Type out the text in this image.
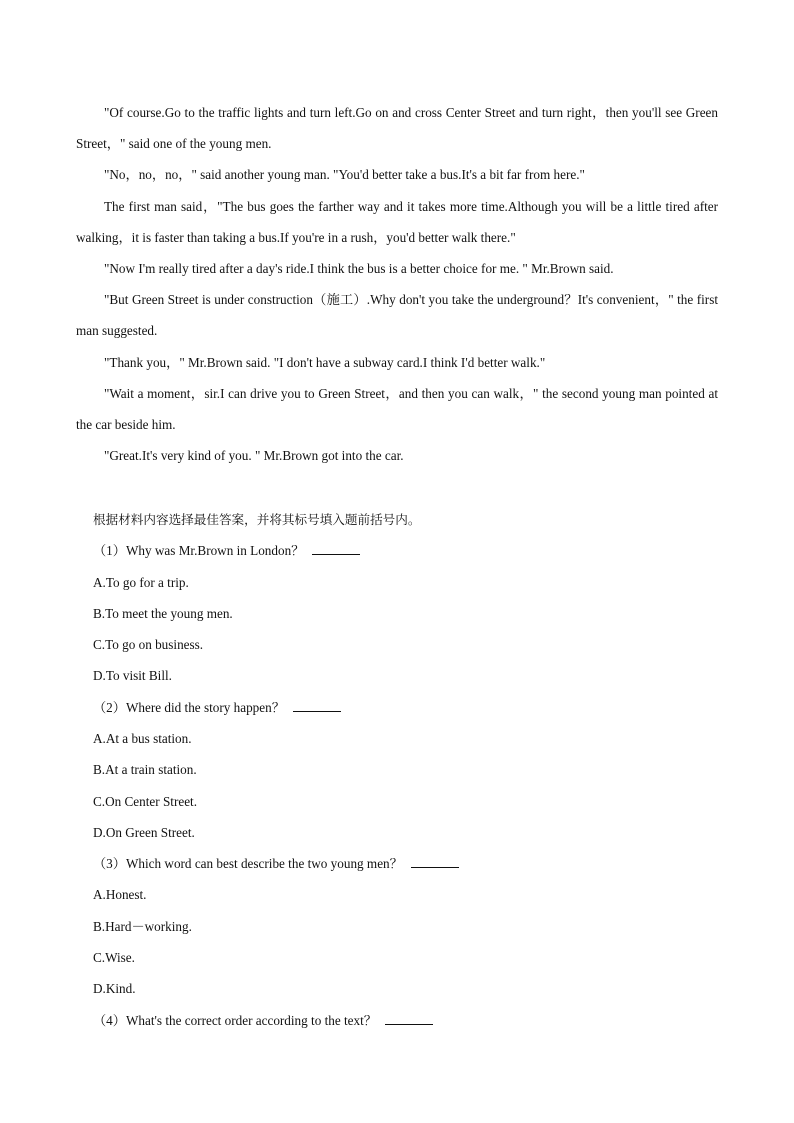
"Of course.Go to the traffic lights and turn left.Go on and cross Center Street and turn right，then you'll see Green Street，" said one of the young men.

"No，no，no，" said another young man. "You'd better take a bus.It's a bit far from here."

The first man said，"The bus goes the farther way and it takes more time.Although you will be a little tired after walking，it is faster than taking a bus.If you're in a rush，you'd better walk there."

"Now I'm really tired after a day's ride.I think the bus is a better choice for me. " Mr.Brown said.

"But Green Street is under construction（施工）.Why don't you take the underground？It's convenient，" the first man suggested.

"Thank you，" Mr.Brown said. "I don't have a subway card.I think I'd better walk."

"Wait a moment，sir.I can drive you to Green Street，and then you can walk，" the second young man pointed at the car beside him.

"Great.It's very kind of you. " Mr.Brown got into the car.

根据材料内容选择最佳答案，并将其标号填入题前括号内。

（1）Why was Mr.Brown in London？

A.To go for a trip.

B.To meet the young men.

C.To go on business.

D.To visit Bill.

（2）Where did the story happen？

A.At a bus station.

B.At a train station.

C.On Center Street.

D.On Green Street.

（3）Which word can best describe the two young men？

A.Honest.

B.Hard－working.

C.Wise.

D.Kind.

（4）What's the correct order according to the text？
